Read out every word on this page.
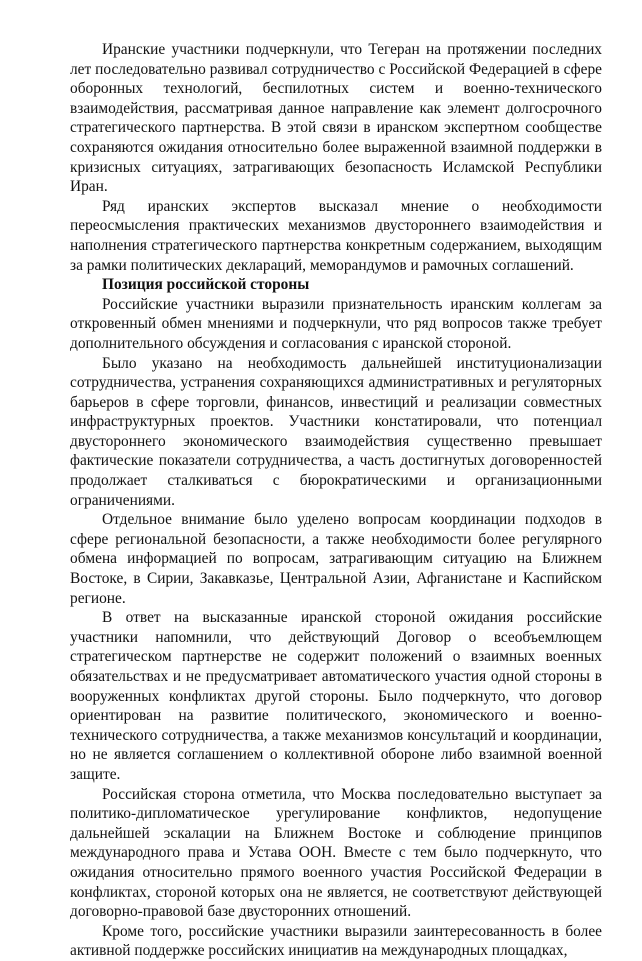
Иранские участники подчеркнули, что Тегеран на протяжении последних лет последовательно развивал сотрудничество с Российской Федерацией в сфере оборонных технологий, беспилотных систем и военно-технического взаимодействия, рассматривая данное направление как элемент долгосрочного стратегического партнерства. В этой связи в иранском экспертном сообществе сохраняются ожидания относительно более выраженной взаимной поддержки в кризисных ситуациях, затрагивающих безопасность Исламской Республики Иран.

Ряд иранских экспертов высказал мнение о необходимости переосмысления практических механизмов двустороннего взаимодействия и наполнения стратегического партнерства конкретным содержанием, выходящим за рамки политических деклараций, меморандумов и рамочных соглашений.

Позиция российской стороны

Российские участники выразили признательность иранским коллегам за откровенный обмен мнениями и подчеркнули, что ряд вопросов также требует дополнительного обсуждения и согласования с иранской стороной.

Было указано на необходимость дальнейшей институционализации сотрудничества, устранения сохраняющихся административных и регуляторных барьеров в сфере торговли, финансов, инвестиций и реализации совместных инфраструктурных проектов. Участники констатировали, что потенциал двустороннего экономического взаимодействия существенно превышает фактические показатели сотрудничества, а часть достигнутых договоренностей продолжает сталкиваться с бюрократическими и организационными ограничениями.

Отдельное внимание было уделено вопросам координации подходов в сфере региональной безопасности, а также необходимости более регулярного обмена информацией по вопросам, затрагивающим ситуацию на Ближнем Востоке, в Сирии, Закавказье, Центральной Азии, Афганистане и Каспийском регионе.

В ответ на высказанные иранской стороной ожидания российские участники напомнили, что действующий Договор о всеобъемлющем стратегическом партнерстве не содержит положений о взаимных военных обязательствах и не предусматривает автоматического участия одной стороны в вооруженных конфликтах другой стороны. Было подчеркнуто, что договор ориентирован на развитие политического, экономического и военно-технического сотрудничества, а также механизмов консультаций и координации, но не является соглашением о коллективной обороне либо взаимной военной защите.

Российская сторона отметила, что Москва последовательно выступает за политико-дипломатическое урегулирование конфликтов, недопущение дальнейшей эскалации на Ближнем Востоке и соблюдение принципов международного права и Устава ООН. Вместе с тем было подчеркнуто, что ожидания относительно прямого военного участия Российской Федерации в конфликтах, стороной которых она не является, не соответствуют действующей договорно-правовой базе двусторонних отношений.

Кроме того, российские участники выразили заинтересованность в более активной поддержке российских инициатив на международных площадках,
